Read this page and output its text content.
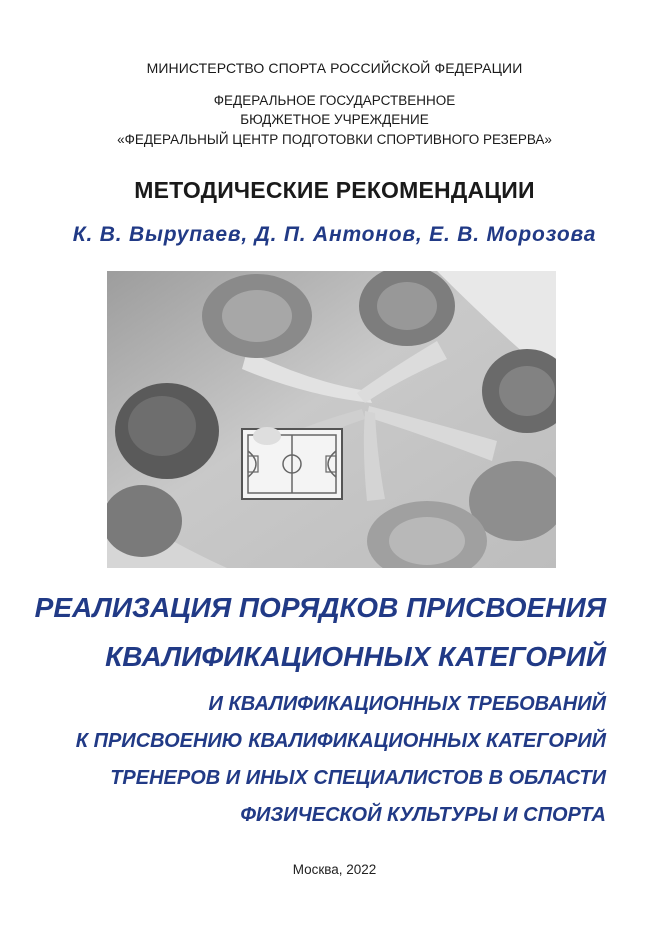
МИНИСТЕРСТВО СПОРТА РОССИЙСКОЙ ФЕДЕРАЦИИ
ФЕДЕРАЛЬНОЕ ГОСУДАРСТВЕННОЕ
БЮДЖЕТНОЕ УЧРЕЖДЕНИЕ
«ФЕДЕРАЛЬНЫЙ ЦЕНТР ПОДГОТОВКИ СПОРТИВНОГО РЕЗЕРВА»
МЕТОДИЧЕСКИЕ РЕКОМЕНДАЦИИ
К. В. Вырупаев, Д. П. Антонов, Е. В. Морозова
РЕАЛИЗАЦИЯ ПОРЯДКОВ ПРИСВОЕНИЯ
КВАЛИФИКАЦИОННЫХ КАТЕГОРИЙ
И КВАЛИФИКАЦИОННЫХ ТРЕБОВАНИЙ
К ПРИСВОЕНИЮ КВАЛИФИКАЦИОННЫХ КАТЕГОРИЙ
ТРЕНЕРОВ И ИНЫХ СПЕЦИАЛИСТОВ В ОБЛАСТИ
ФИЗИЧЕСКОЙ КУЛЬТУРЫ И СПОРТА
Москва, 2022
